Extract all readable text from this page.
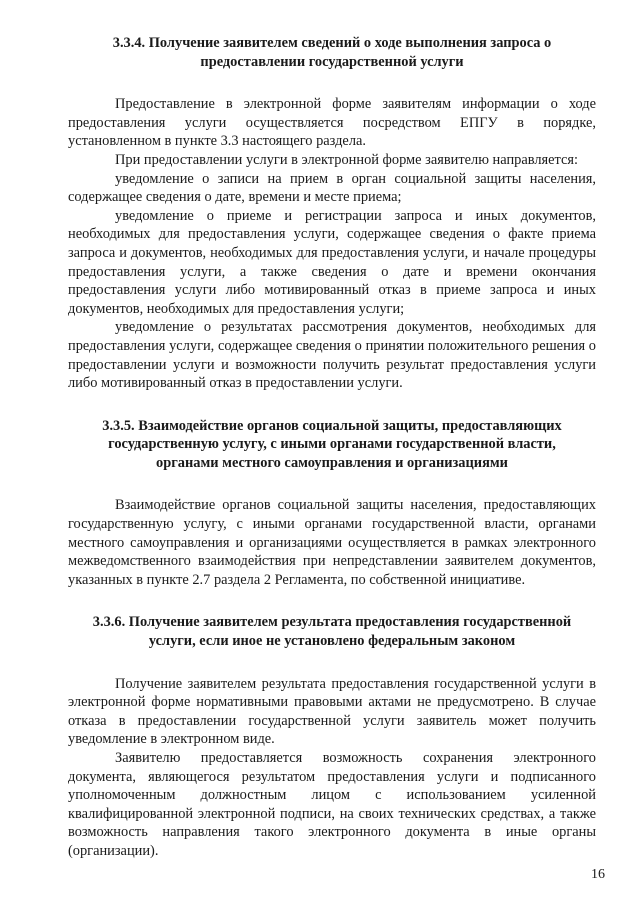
3.3.4. Получение заявителем сведений о ходе выполнения запроса о
предоставлении государственной услуги

Предоставление в электронной форме заявителям информации о ходе предоставления услуги осуществляется посредством ЕПГУ в порядке, установленном в пункте 3.3 настоящего раздела.

При предоставлении услуги в электронной форме заявителю направляется:

уведомление о записи на прием в орган социальной защиты населения, содержащее сведения о дате, времени и месте приема;

уведомление о приеме и регистрации запроса и иных документов, необходимых для предоставления услуги, содержащее сведения о факте приема запроса и документов, необходимых для предоставления услуги, и начале процедуры предоставления услуги, а также сведения о дате и времени окончания предоставления услуги либо мотивированный отказ в приеме запроса и иных документов, необходимых для предоставления услуги;

уведомление о результатах рассмотрения документов, необходимых для предоставления услуги, содержащее сведения о принятии положительного решения о предоставлении услуги и возможности получить результат предоставления услуги либо мотивированный отказ в предоставлении услуги.

3.3.5. Взаимодействие органов социальной защиты, предоставляющих
государственную услугу, с иными органами государственной власти,
органами местного самоуправления и организациями

Взаимодействие органов социальной защиты населения, предоставляющих государственную услугу, с иными органами государственной власти, органами местного самоуправления и организациями осуществляется в рамках электронного межведомственного взаимодействия при непредставлении заявителем документов, указанных в пункте 2.7 раздела 2 Регламента, по собственной инициативе.

3.3.6. Получение заявителем результата предоставления государственной
услуги, если иное не установлено федеральным законом

Получение заявителем результата предоставления государственной услуги в электронной форме нормативными правовыми актами не предусмотрено. В случае отказа в предоставлении государственной услуги заявитель может получить уведомление в электронном виде.

Заявителю предоставляется возможность сохранения электронного документа, являющегося результатом предоставления услуги и подписанного уполномоченным должностным лицом с использованием усиленной квалифицированной электронной подписи, на своих технических средствах, а также возможность направления такого электронного документа в иные органы (организации).

16
